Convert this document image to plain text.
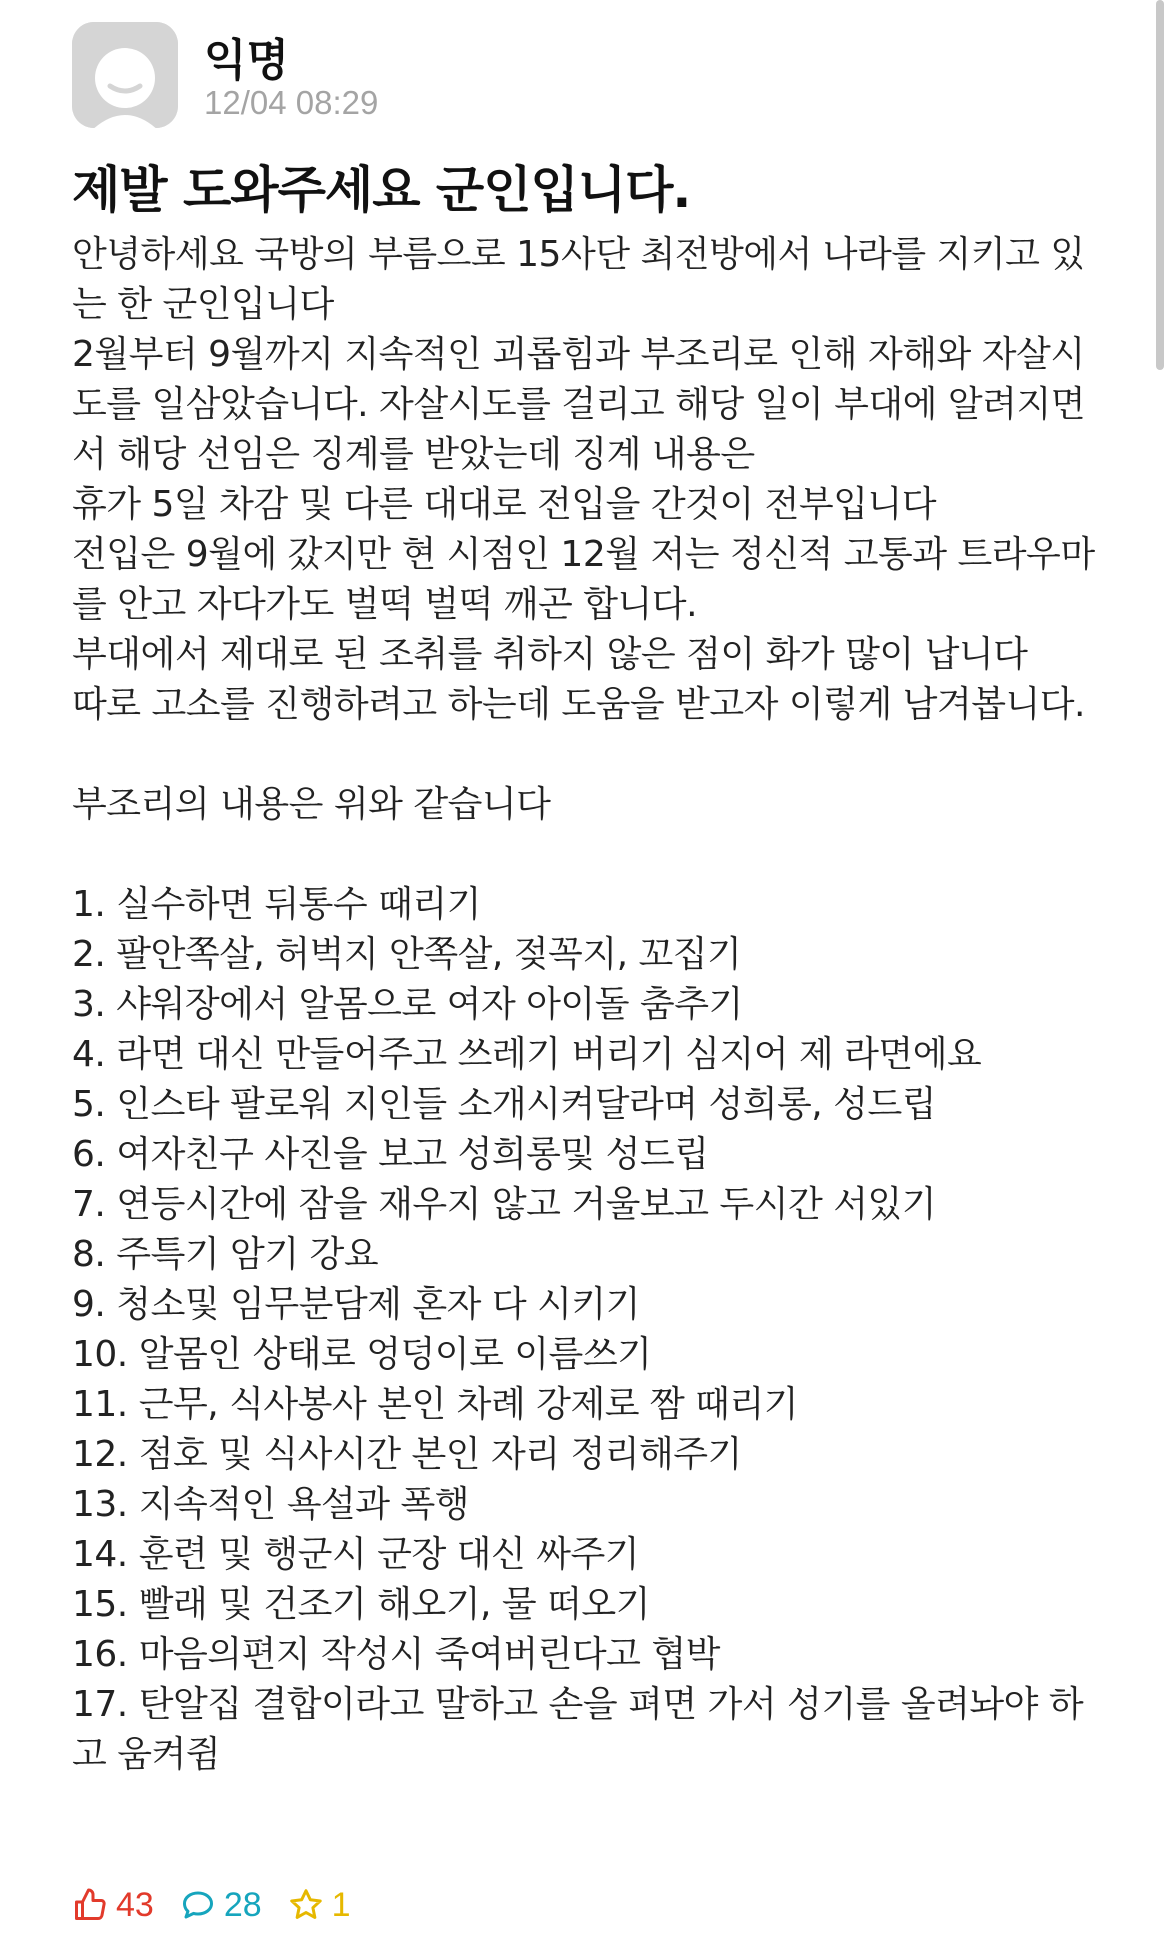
익명
12/04 08:29
제발 도와주세요 군인입니다.

안녕하세요 국방의 부름으로 15사단 최전방에서 나라를 지키고 있는 한 군인입니다

2월부터 9월까지 지속적인 괴롭힘과 부조리로 인해 자해와 자살시도를 일삼았습니다. 자살시도를 걸리고 해당 일이 부대에 알려지면서 해당 선임은 징계를 받았는데 징계 내용은

휴가 5일 차감 및 다른 대대로 전입을 간것이 전부입니다

전입은 9월에 갔지만 현 시점인 12월 저는 정신적 고통과 트라우마를 안고 자다가도 벌떡 벌떡 깨곤 합니다.

부대에서 제대로 된 조취를 취하지 않은 점이 화가 많이 납니다

따로 고소를 진행하려고 하는데 도움을 받고자 이렇게 남겨봅니다.

부조리의 내용은 위와 같습니다

1. 실수하면 뒤통수 때리기

2. 팔안쪽살, 허벅지 안쪽살, 젖꼭지, 꼬집기

3. 샤워장에서 알몸으로 여자 아이돌 춤추기

4. 라면 대신 만들어주고 쓰레기 버리기 심지어 제 라면에요

5. 인스타 팔로워 지인들 소개시켜달라며 성희롱, 성드립

6. 여자친구 사진을 보고 성희롱및 성드립

7. 연등시간에 잠을 재우지 않고 거울보고 두시간 서있기

8. 주특기 암기 강요

9. 청소및 임무분담제 혼자 다 시키기

10. 알몸인 상태로 엉덩이로 이름쓰기

11. 근무, 식사봉사 본인 차례 강제로 짬 때리기

12. 점호 및 식사시간 본인 자리 정리해주기

13. 지속적인 욕설과 폭행

14. 훈련 및 행군시 군장 대신 싸주기

15. 빨래 및 건조기 해오기, 물 떠오기

16. 마음의편지 작성시 죽여버린다고 협박

17. 탄알집 결합이라고 말하고 손을 펴면 가서 성기를 올려놔야 하고 움켜쥠

43 28 1
